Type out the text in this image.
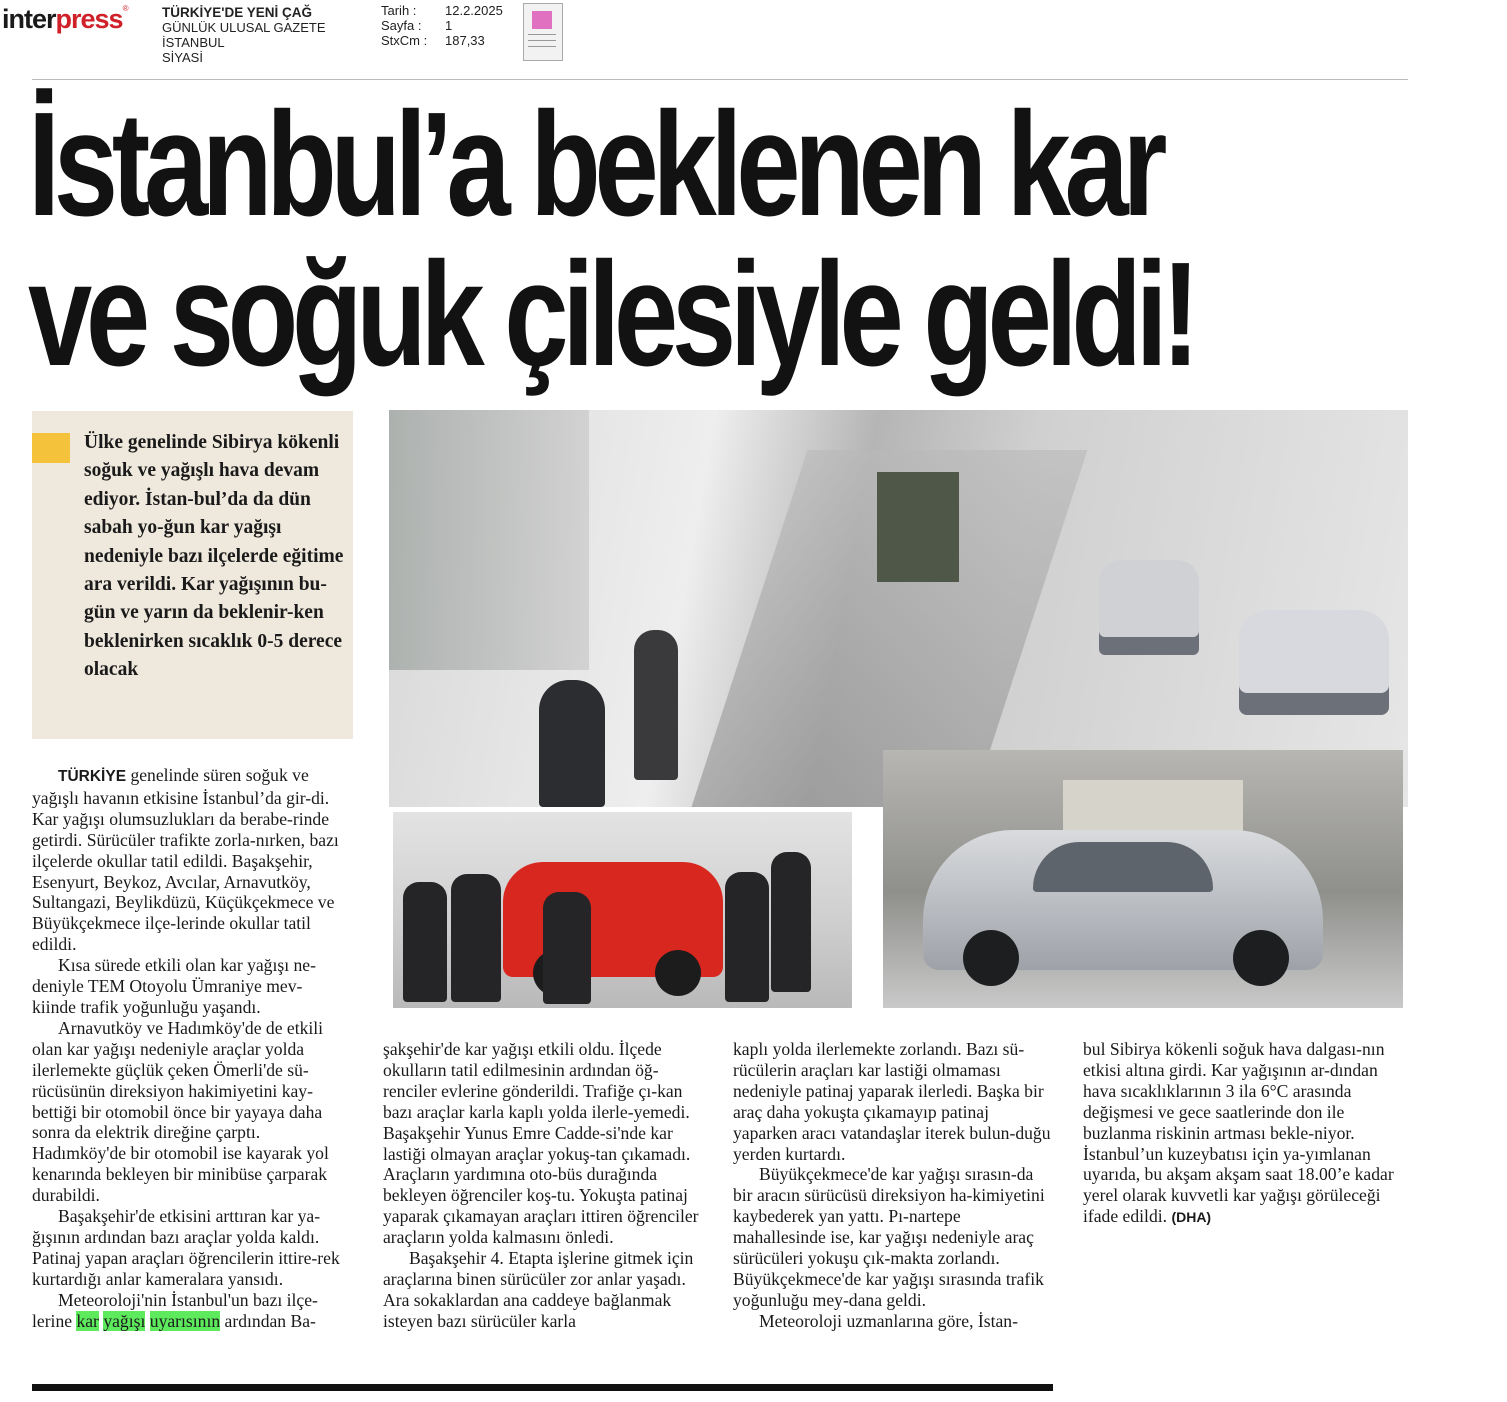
interpress®	TÜRKİYE'DE YENİ ÇAĞ
GÜNLÜK ULUSAL GAZETE
İSTANBUL
SİYASİ
Tarih :	12.2.2025
Sayfa :	1
StxCm :	187,33
İstanbul’a beklenen kar
ve soğuk çilesiyle geldi!

Ülke genelinde Sibirya kökenli soğuk ve yağışlı hava devam ediyor. İstan-bul’da da dün sabah yo-ğun kar yağışı nedeniyle bazı ilçelerde eğitime ara verildi. Kar yağışının bu-gün ve yarın da beklenir-ken beklenirken sıcaklık 0-5 derece olacak

TÜRKİYE genelinde süren soğuk ve yağışlı havanın etkisine İstanbul’da gir-di. Kar yağışı olumsuzlukları da berabe-rinde getirdi. Sürücüler trafikte zorla-nırken, bazı ilçelerde okullar tatil edildi. Başakşehir, Esenyurt, Beykoz, Avcılar, Arnavutköy, Sultangazi, Beylikdüzü, Küçükçekmece ve Büyükçekmece ilçe-lerinde okullar tatil edildi.

Kısa sürede etkili olan kar yağışı ne-deniyle TEM Otoyolu Ümraniye mev-kiinde trafik yoğunluğu yaşandı.

Arnavutköy ve Hadımköy'de de etkili olan kar yağışı nedeniyle araçlar yolda ilerlemekte güçlük çeken Ömerli'de sü-rücüsünün direksiyon hakimiyetini kay-bettiği bir otomobil önce bir yayaya daha sonra da elektrik direğine çarptı. Hadımköy'de bir otomobil ise kayarak yol kenarında bekleyen bir minibüse çarparak durabildi.

Başakşehir'de etkisini arttıran kar ya-ğışının ardından bazı araçlar yolda kaldı. Patinaj yapan araçları öğrencilerin ittire-rek kurtardığı anlar kameralara yansıdı.

Meteoroloji'nin İstanbul'un bazı ilçe-lerine kar yağışı uyarısının ardından Ba-

şakşehir'de kar yağışı etkili oldu. İlçede okulların tatil edilmesinin ardından öğ-renciler evlerine gönderildi. Trafiğe çı-kan bazı araçlar karla kaplı yolda ilerle-yemedi. Başakşehir Yunus Emre Cadde-si'nde kar lastiği olmayan araçlar yokuş-tan çıkamadı. Araçların yardımına oto-büs durağında bekleyen öğrenciler koş-tu. Yokuşta patinaj yaparak çıkamayan araçları ittiren öğrenciler araçların yolda kalmasını önledi.

Başakşehir 4. Etapta işlerine gitmek için araçlarına binen sürücüler zor anlar yaşadı. Ara sokaklardan ana caddeye bağlanmak isteyen bazı sürücüler karla

kaplı yolda ilerlemekte zorlandı. Bazı sü-rücülerin araçları kar lastiği olmaması nedeniyle patinaj yaparak ilerledi. Başka bir araç daha yokuşta çıkamayıp patinaj yaparken aracı vatandaşlar iterek bulun-duğu yerden kurtardı.

Büyükçekmece'de kar yağışı sırasın-da bir aracın sürücüsü direksiyon ha-kimiyetini kaybederek yan yattı. Pı-nartepe mahallesinde ise, kar yağışı nedeniyle araç sürücüleri yokuşu çık-makta zorlandı. Büyükçekmece'de kar yağışı sırasında trafik yoğunluğu mey-dana geldi.

Meteoroloji uzmanlarına göre, İstan-

bul Sibirya kökenli soğuk hava dalgası-nın etkisi altına girdi. Kar yağışının ar-dından hava sıcaklıklarının 3 ila 6°C arasında değişmesi ve gece saatlerinde don ile buzlanma riskinin artması bekle-niyor. İstanbul’un kuzeybatısı için ya-yımlanan uyarıda, bu akşam akşam saat 18.00’e kadar yerel olarak kuvvetli kar yağışı görüleceği ifade edildi. (DHA)
